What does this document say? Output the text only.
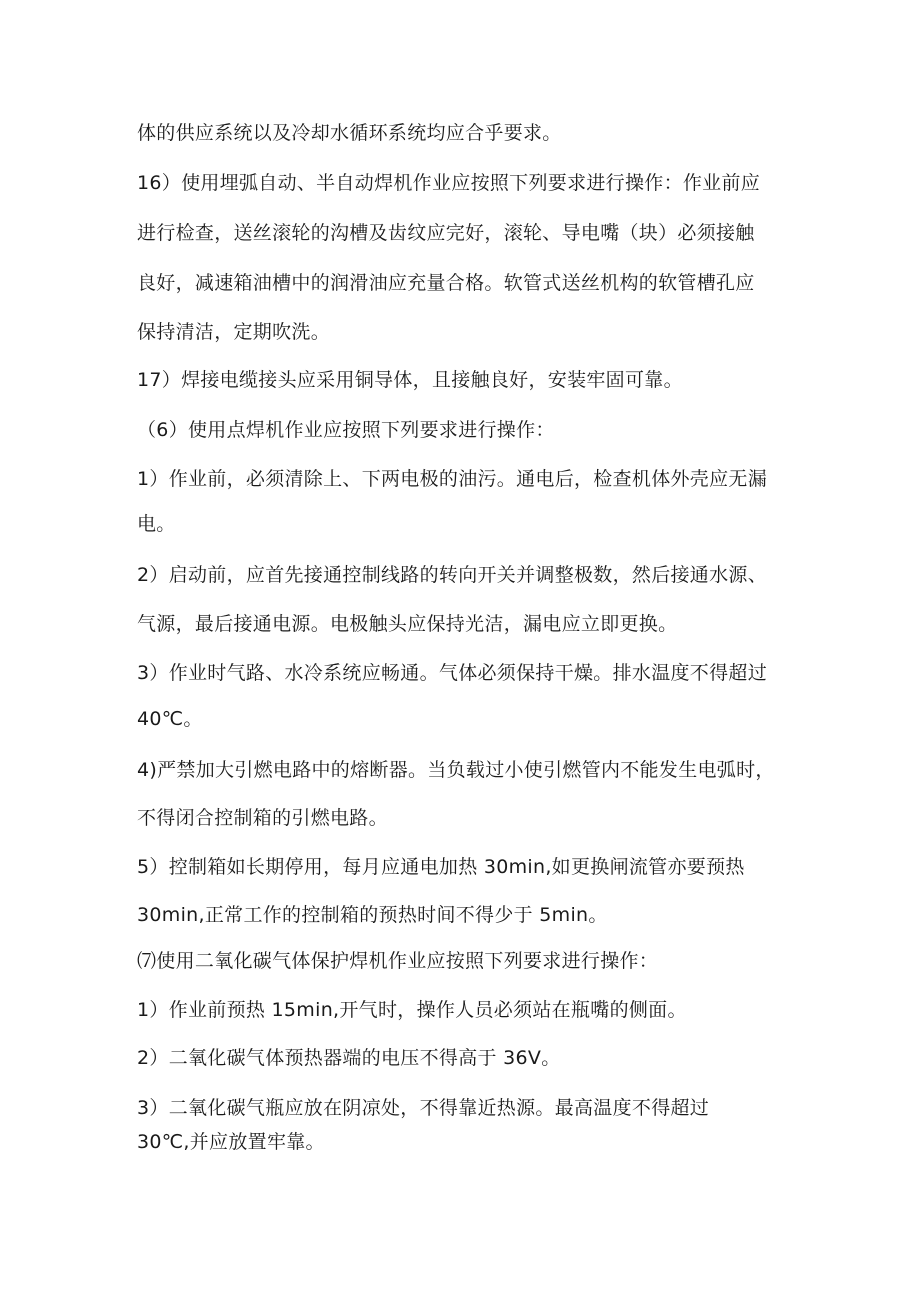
体的供应系统以及冷却水循环系统均应合乎要求。
16）使用埋弧自动、半自动焊机作业应按照下列要求进行操作：作业前应
进行检查，送丝滚轮的沟槽及齿纹应完好，滚轮、导电嘴（块）必须接触
良好，减速箱油槽中的润滑油应充量合格。软管式送丝机构的软管槽孔应
保持清洁，定期吹洗。
17）焊接电缆接头应采用铜导体，且接触良好，安装牢固可靠。
（6）使用点焊机作业应按照下列要求进行操作：
1）作业前，必须清除上、下两电极的油污。通电后，检查机体外壳应无漏
电。
2）启动前，应首先接通控制线路的转向开关并调整极数，然后接通水源、
气源，最后接通电源。电极触头应保持光洁，漏电应立即更换。
3）作业时气路、水冷系统应畅通。气体必须保持干燥。排水温度不得超过
40℃。
4)严禁加大引燃电路中的熔断器。当负载过小使引燃管内不能发生电弧时，
不得闭合控制箱的引燃电路。
5）控制箱如长期停用，每月应通电加热 30min,如更换闸流管亦要预热
30min,正常工作的控制箱的预热时间不得少于 5min。
⑺使用二氧化碳气体保护焊机作业应按照下列要求进行操作：
1）作业前预热 15min,开气时，操作人员必须站在瓶嘴的侧面。
2）二氧化碳气体预热器端的电压不得高于 36V。
3）二氧化碳气瓶应放在阴凉处，不得靠近热源。最高温度不得超过
30℃,并应放置牢靠。
